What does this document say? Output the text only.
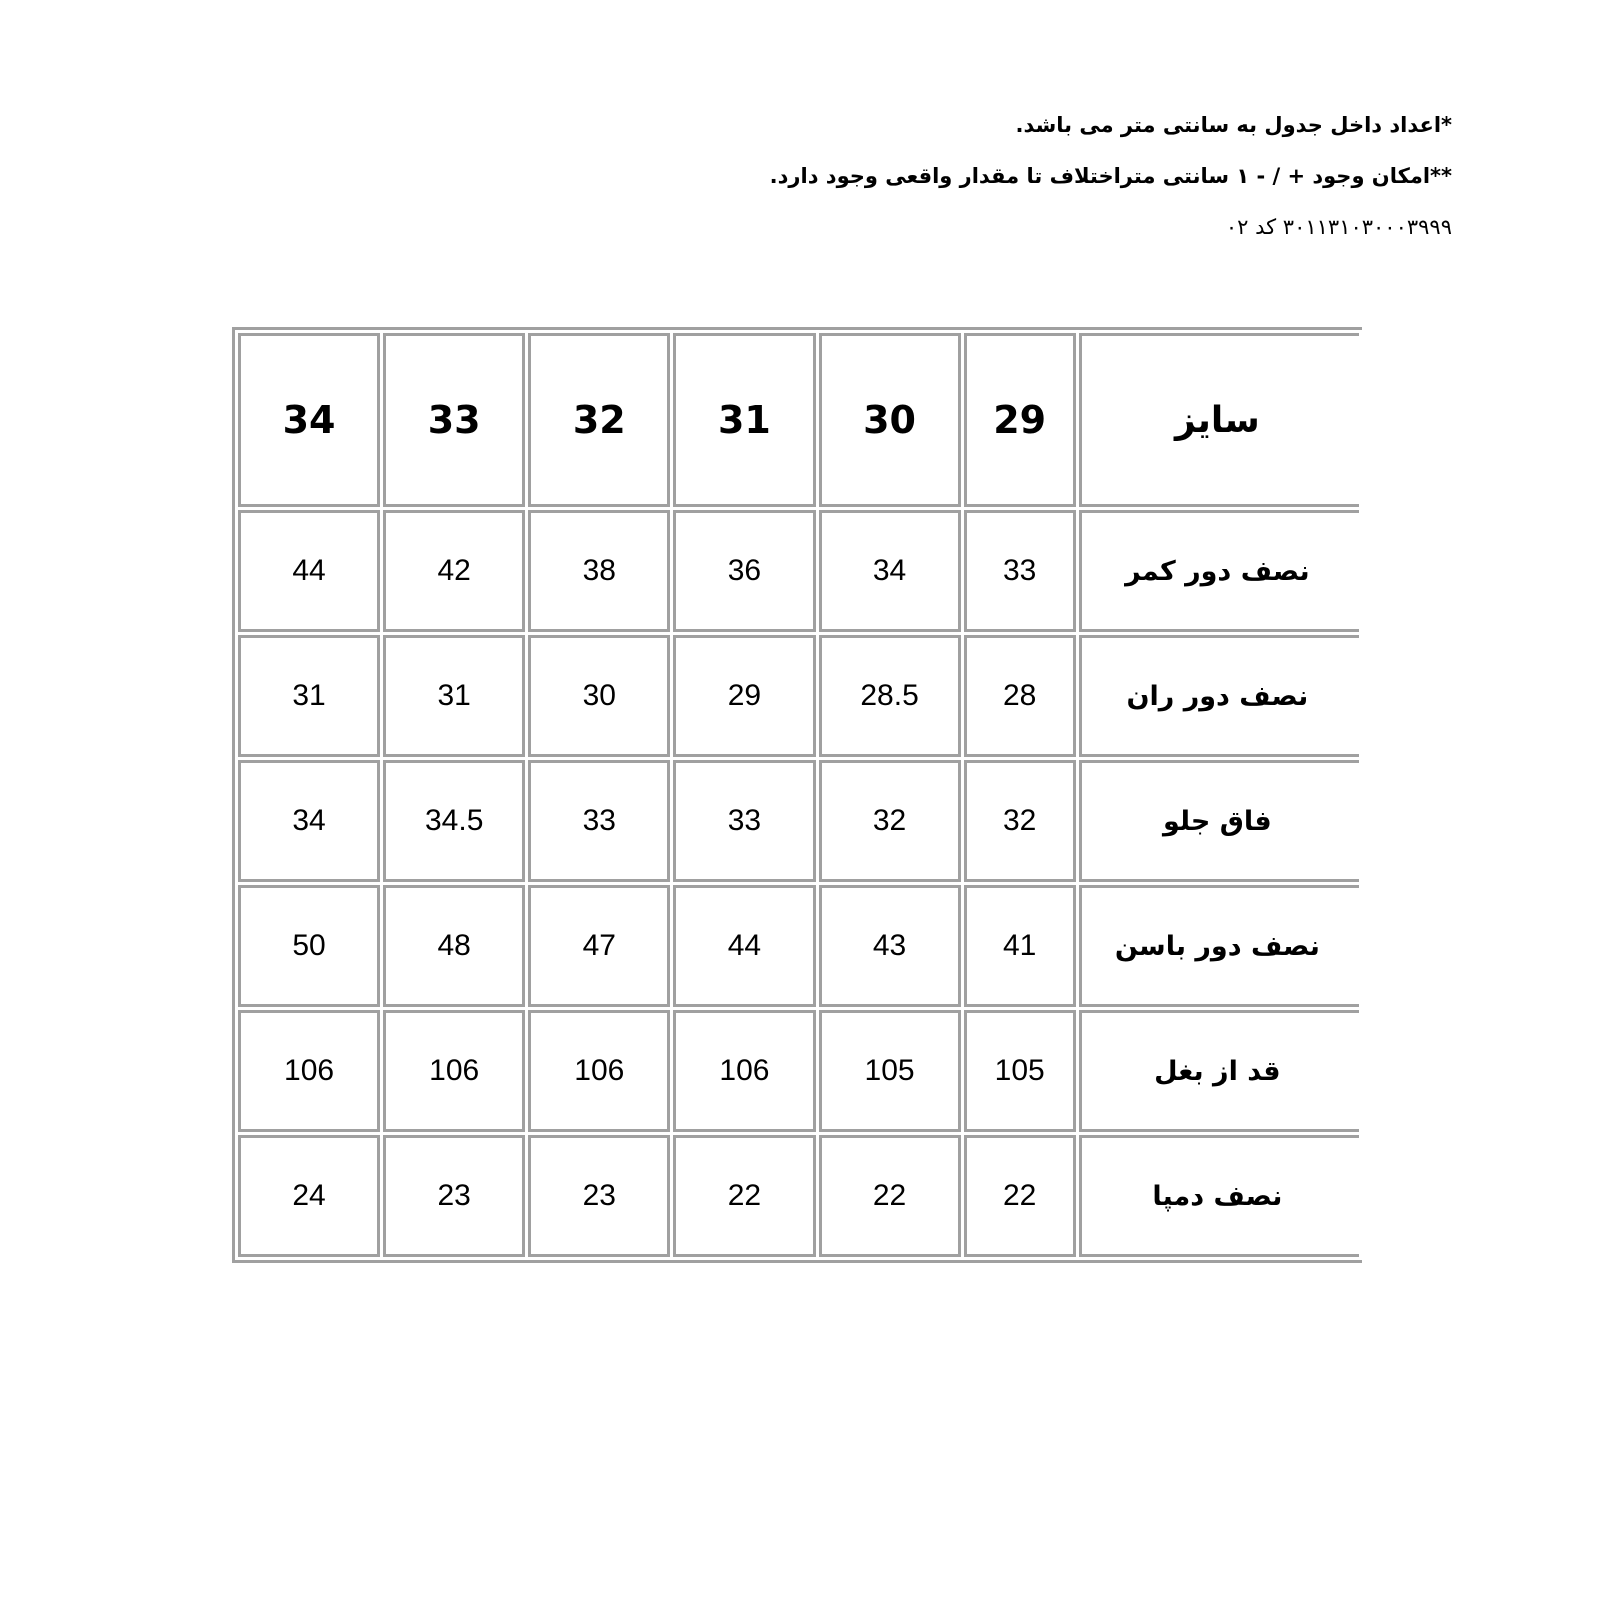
*اعداد داخل جدول به سانتی متر می باشد.
**امکان وجود + / - ۱ سانتی متراختلاف تا مقدار واقعی وجود دارد.
۳۰۱۱۳۱۰۳۰۰۰۳۹۹۹ کد ۰۲
34	33	32	31	30	29	سایز
44	42	38	36	34	33	نصف دور کمر
31	31	30	29	28.5	28	نصف دور ران
34	34.5	33	33	32	32	فاق جلو
50	48	47	44	43	41	نصف دور باسن
106	106	106	106	105	105	قد از بغل
24	23	23	22	22	22	نصف دمپا
